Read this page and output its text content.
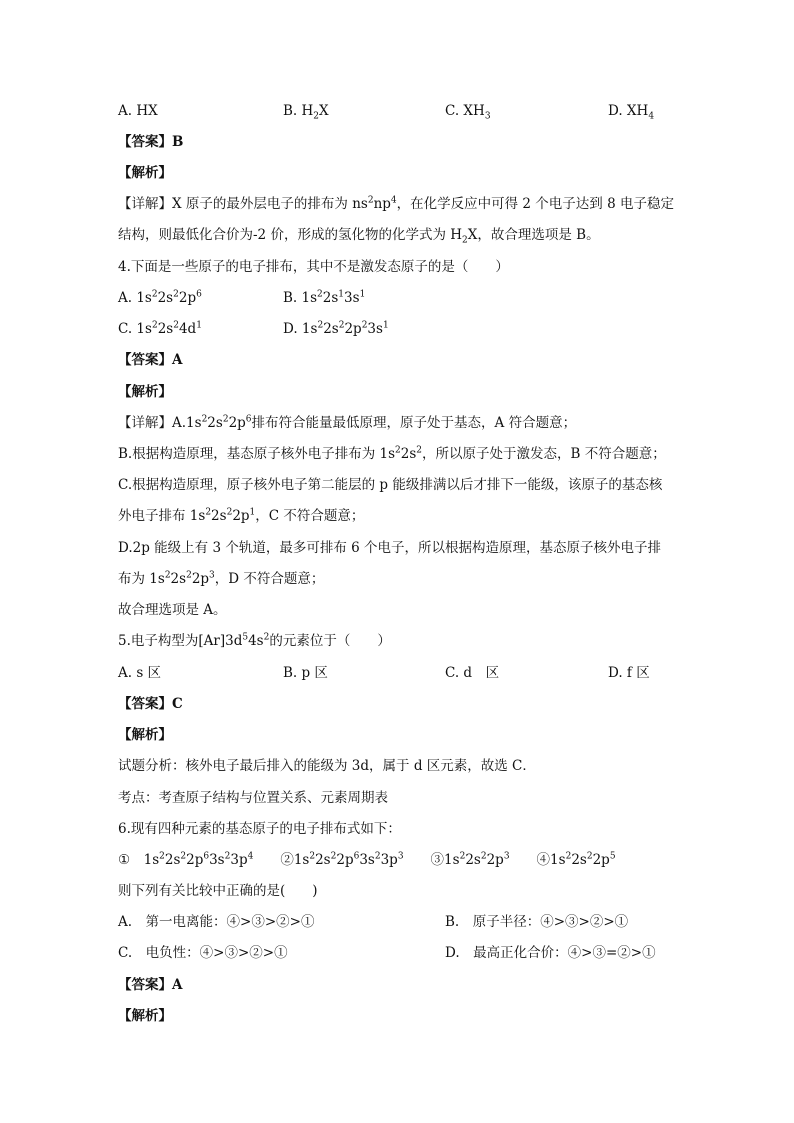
A. HX	B. $H_2X$	C. $XH_3$	D. $XH_4$
【答案】B
【解析】
【详解】X 原子的最外层电子的排布为 $ns^2np^4$，在化学反应中可得 2 个电子达到 8 电子稳定
结构，则最低化合价为-2 价，形成的氢化物的化学式为 $H_2X$，故合理选项是 B。
4.下面是一些原子的电子排布，其中不是激发态原子的是（　　）
A. $1s^22s^22p^6$	B. $1s^22s^13s^1$
C. $1s^22s^24d^1$	D. $1s^22s^22p^23s^1$
【答案】A
【解析】
【详解】$A.1s^22s^22p^6$排布符合能量最低原理，原子处于基态，A 符合题意；
B.根据构造原理，基态原子核外电子排布为 $1s^22s^2$，所以原子处于激发态，B 不符合题意；
C.根据构造原理，原子核外电子第二能层的 p 能级排满以后才排下一能级，该原子的基态核
外电子排布 $1s^22s^22p^1$，C 不符合题意；
D.2p 能级上有 3 个轨道，最多可排布 6 个电子，所以根据构造原理，基态原子核外电子排
布为 $1s^22s^22p^3$，D 不符合题意；
故合理选项是 A。
5.电子构型为$[Ar]3d^54s^2$的元素位于（　　）
A. s 区	B. p 区	C. d　区	D. f 区
【答案】C
【解析】
试题分析：核外电子最后排入的能级为 3d，属于 d 区元素，故选 C．
考点：考查原子结构与位置关系、元素周期表
6.现有四种元素的基态原子的电子排布式如下：
①　$1s^22s^22p^63s^23p^4$　　$②1s^22s^22p^63s^23p^3$　　$③1s^22s^22p^3$　　$④1s^22s^22p^5$
则下列有关比较中正确的是(　　)
A.　第一电离能：④>③>②>①	B.　原子半径：④>③>②>①
C.　电负性：④>③>②>①	D.　最高正化合价：④>③=②>①
【答案】A
【解析】
